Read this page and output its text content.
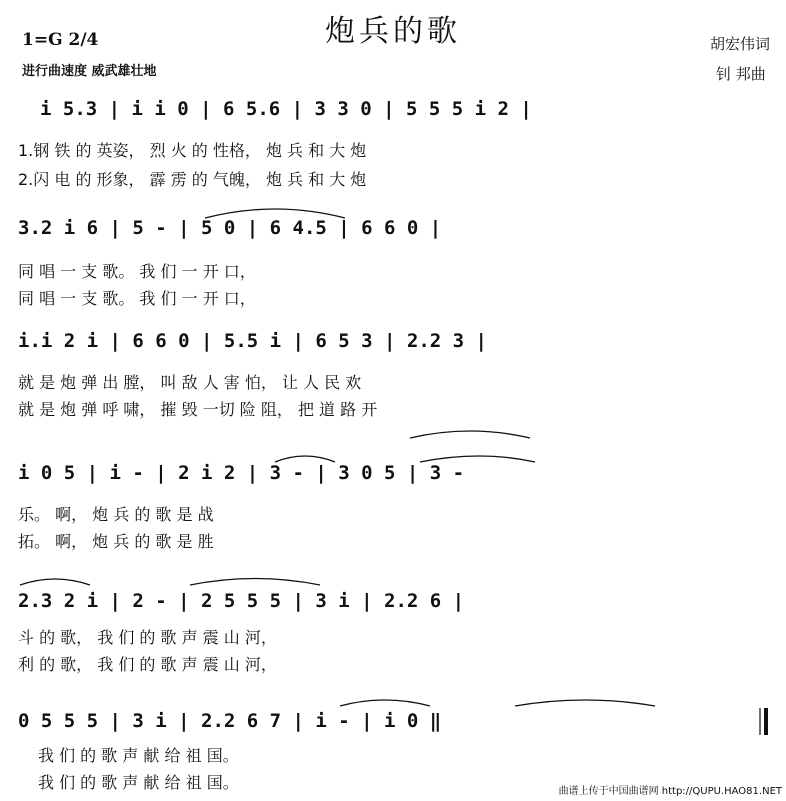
炮兵的歌
1=G 2/4
进行曲速度 威武雄壮地
胡宏伟词
钊 邦曲
i 5.3 | i i 0 | 6 5.6 | 3 3 0 | 5 5 5 i 2 |
1.钢 铁 的 英姿， 烈 火 的 性格， 炮 兵 和 大 炮
2.闪 电 的 形象， 霹 雳 的 气魄， 炮 兵 和 大 炮
3.2 i 6 | 5 - | 5 0 | 6 4.5 | 6 6 0 |
同 唱 一 支 歌。 我 们 一 开 口，
同 唱 一 支 歌。 我 们 一 开 口，
i.i 2 i | 6 6 0 | 5.5 i | 6 5 3 | 2.2 3 |
就 是 炮 弹 出 膛， 叫 敌 人 害 怕， 让 人 民 欢
就 是 炮 弹 呼 啸， 摧 毁 一切 险 阻， 把 道 路 开
i 0 5 | i - | 2 i 2 | 3 - | 3 0 5 | 3 -
乐。 啊， 炮 兵 的 歌 是 战
拓。 啊， 炮 兵 的 歌 是 胜
2.3 2 i | 2 - | 2 5 5 5 | 3 i | 2.2 6 |
斗 的 歌， 我 们 的 歌 声 震 山 河，
利 的 歌， 我 们 的 歌 声 震 山 河，
0 5 5 5 | 3 i | 2.2 6 7 | i - | i 0 ‖
我 们 的 歌 声 献 给 祖 国。
我 们 的 歌 声 献 给 祖 国。	曲谱上传于中国曲谱网 http://QUPU.HAO81.NET
